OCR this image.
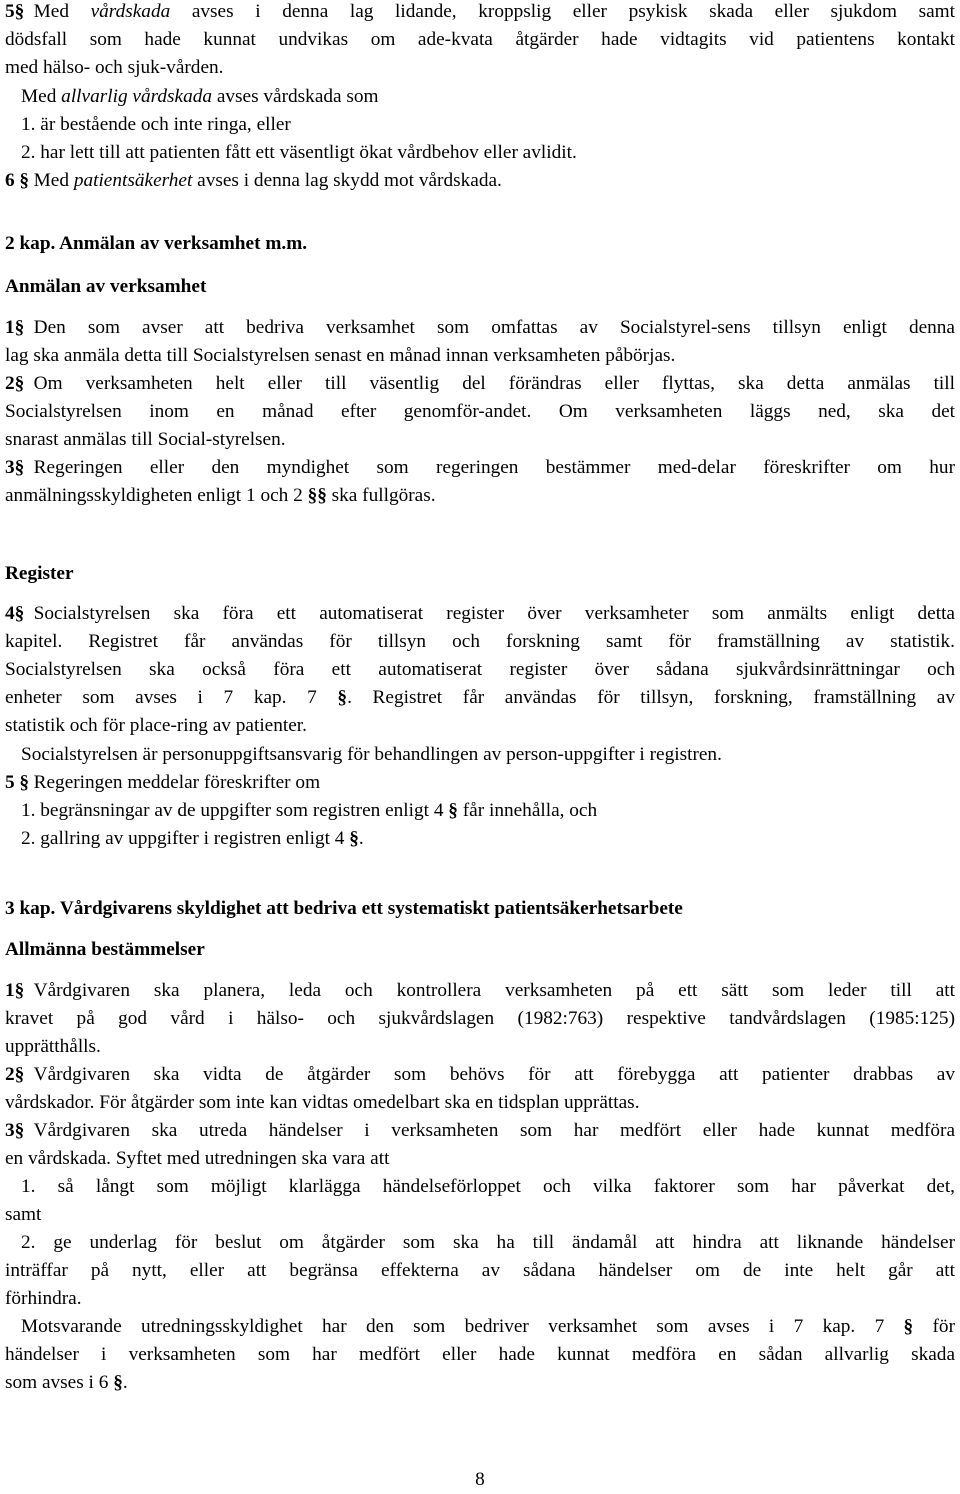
5§ Med vårdskada avses i denna lag lidande, kroppslig eller psykisk skada eller sjukdom samt
dödsfall som hade kunnat undvikas om ade-kvata åtgärder hade vidtagits vid patientens kontakt
med hälso- och sjuk-vården.
Med allvarlig vårdskada avses vårdskada som
1. är bestående och inte ringa, eller
2. har lett till att patienten fått ett väsentligt ökat vårdbehov eller avlidit.
6 § Med patientsäkerhet avses i denna lag skydd mot vårdskada.
2 kap. Anmälan av verksamhet m.m.
Anmälan av verksamhet
1§ Den som avser att bedriva verksamhet som omfattas av Socialstyrel-sens tillsyn enligt denna
lag ska anmäla detta till Socialstyrelsen senast en månad innan verksamheten påbörjas.
2§ Om verksamheten helt eller till väsentlig del förändras eller flyttas, ska detta anmälas till
Socialstyrelsen inom en månad efter genomför-andet. Om verksamheten läggs ned, ska det
snarast anmälas till Social-styrelsen.
3§ Regeringen eller den myndighet som regeringen bestämmer med-delar föreskrifter om hur
anmälningsskyldigheten enligt 1 och 2 §§ ska fullgöras.
Register
4§ Socialstyrelsen ska föra ett automatiserat register över verksamheter som anmälts enligt detta
kapitel. Registret får användas för tillsyn och forskning samt för framställning av statistik.
Socialstyrelsen ska också föra ett automatiserat register över sådana sjukvårdsinrättningar och
enheter som avses i 7 kap. 7 §. Registret får användas för tillsyn, forskning, framställning av
statistik och för place-ring av patienter.
Socialstyrelsen är personuppgiftsansvarig för behandlingen av person-uppgifter i registren.
5 § Regeringen meddelar föreskrifter om
1. begränsningar av de uppgifter som registren enligt 4 § får innehålla, och
2. gallring av uppgifter i registren enligt 4 §.
3 kap. Vårdgivarens skyldighet att bedriva ett systematiskt patientsäkerhetsarbete
Allmänna bestämmelser
1§ Vårdgivaren ska planera, leda och kontrollera verksamheten på ett sätt som leder till att
kravet på god vård i hälso- och sjukvårdslagen (1982:763) respektive tandvårdslagen (1985:125)
upprätthålls.
2§ Vårdgivaren ska vidta de åtgärder som behövs för att förebygga att patienter drabbas av
vårdskador. För åtgärder som inte kan vidtas omedelbart ska en tidsplan upprättas.
3§ Vårdgivaren ska utreda händelser i verksamheten som har medfört eller hade kunnat medföra
en vårdskada. Syftet med utredningen ska vara att
1. så långt som möjligt klarlägga händelseförloppet och vilka faktorer som har påverkat det,
samt
2. ge underlag för beslut om åtgärder som ska ha till ändamål att hindra att liknande händelser
inträffar på nytt, eller att begränsa effekterna av sådana händelser om de inte helt går att
förhindra.
Motsvarande utredningsskyldighet har den som bedriver verksamhet som avses i 7 kap. 7 § för
händelser i verksamheten som har medfört eller hade kunnat medföra en sådan allvarlig skada
som avses i 6 §.
8
